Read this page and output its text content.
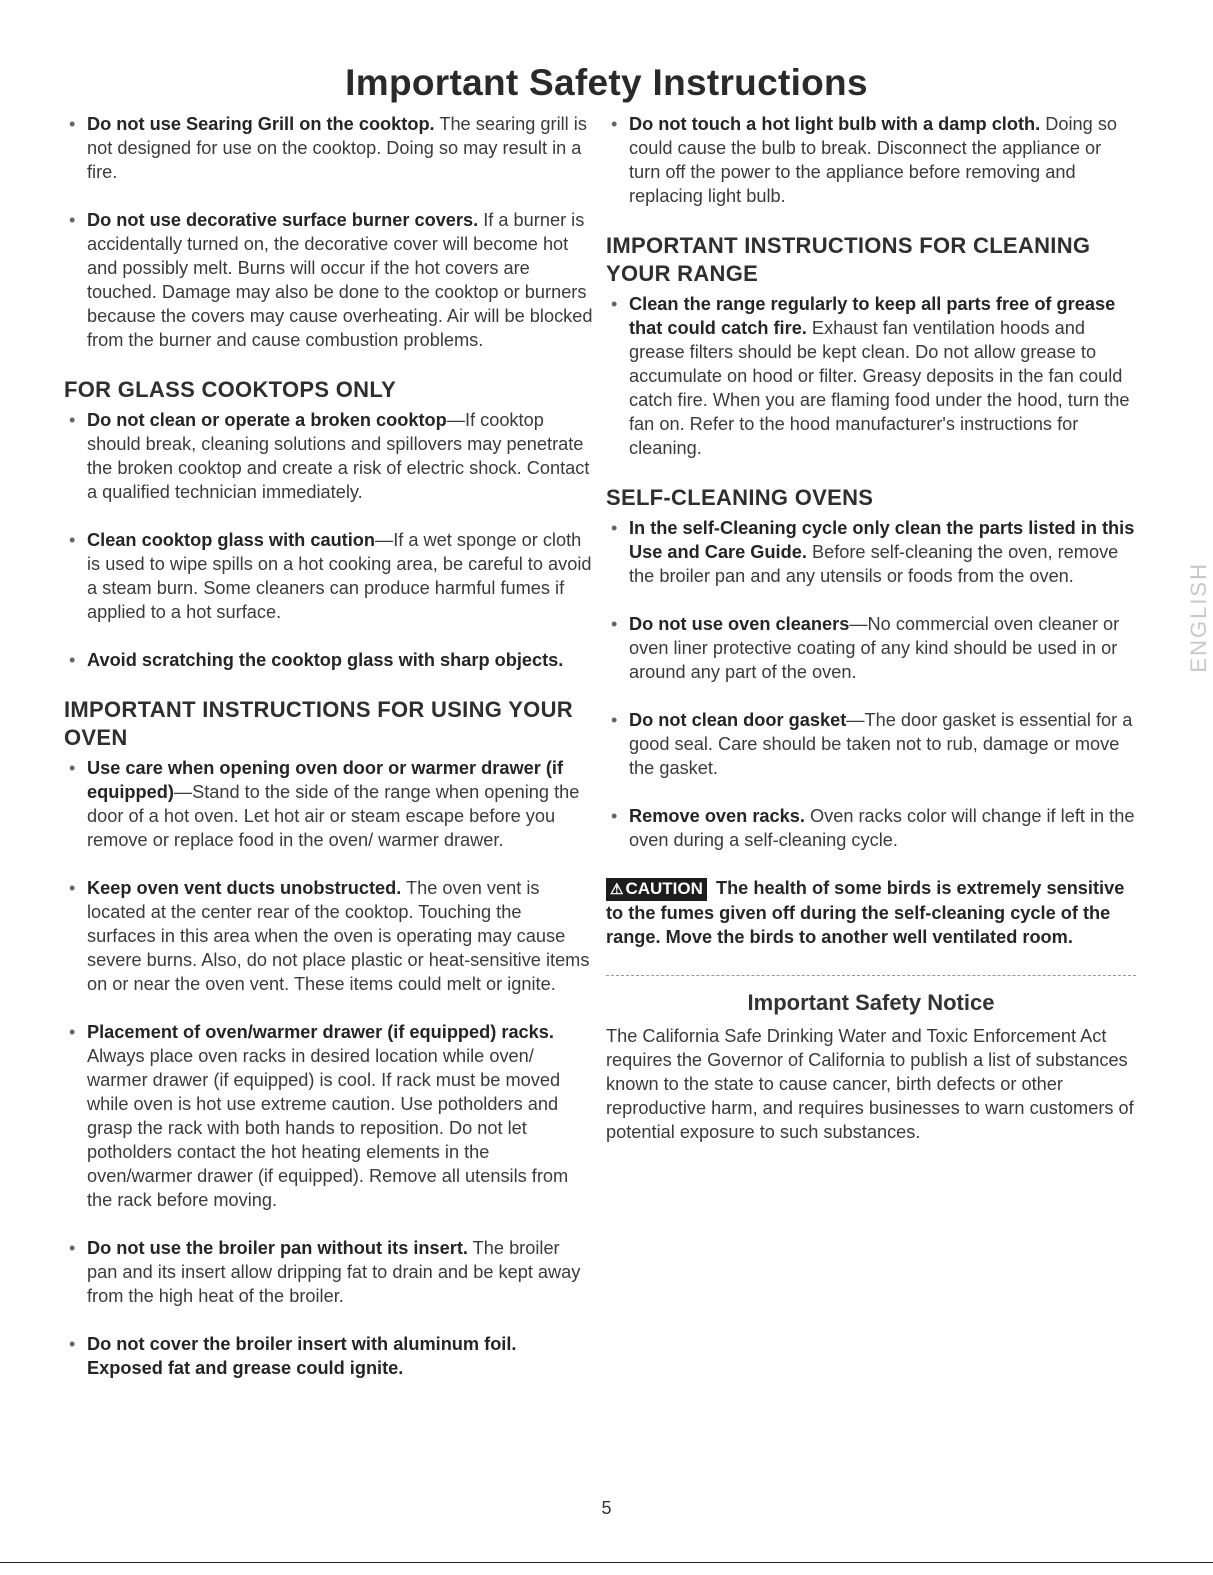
Important Safety Instructions
• Do not use Searing Grill on the cooktop. The searing grill is not designed for use on the cooktop. Doing so may result in a fire.
• Do not use decorative surface burner covers. If a burner is accidentally turned on, the decorative cover will become hot and possibly melt. Burns will occur if the hot covers are touched. Damage may also be done to the cooktop or burners because the covers may cause overheating. Air will be blocked from the burner and cause combustion problems.
FOR GLASS COOKTOPS ONLY
• Do not clean or operate a broken cooktop—If cooktop should break, cleaning solutions and spillovers may penetrate the broken cooktop and create a risk of electric shock. Contact a qualified technician immediately.
• Clean cooktop glass with caution—If a wet sponge or cloth is used to wipe spills on a hot cooking area, be careful to avoid a steam burn. Some cleaners can produce harmful fumes if applied to a hot surface.
• Avoid scratching the cooktop glass with sharp objects.
IMPORTANT INSTRUCTIONS FOR USING YOUR OVEN
• Use care when opening oven door or warmer drawer (if equipped)—Stand to the side of the range when opening the door of a hot oven. Let hot air or steam escape before you remove or replace food in the oven/ warmer drawer.
• Keep oven vent ducts unobstructed. The oven vent is located at the center rear of the cooktop. Touching the surfaces in this area when the oven is operating may cause severe burns. Also, do not place plastic or heat-sensitive items on or near the oven vent. These items could melt or ignite.
• Placement of oven/warmer drawer (if equipped) racks. Always place oven racks in desired location while oven/ warmer drawer (if equipped) is cool. If rack must be moved while oven is hot use extreme caution. Use potholders and grasp the rack with both hands to reposition. Do not let potholders contact the hot heating elements in the oven/warmer drawer (if equipped). Remove all utensils from the rack before moving.
• Do not use the broiler pan without its insert. The broiler pan and its insert allow dripping fat to drain and be kept away from the high heat of the broiler.
• Do not cover the broiler insert with aluminum foil. Exposed fat and grease could ignite.
• Do not touch a hot light bulb with a damp cloth. Doing so could cause the bulb to break. Disconnect the appliance or turn off the power to the appliance before removing and replacing light bulb.
IMPORTANT INSTRUCTIONS FOR CLEANING YOUR RANGE
• Clean the range regularly to keep all parts free of grease that could catch fire. Exhaust fan ventilation hoods and grease filters should be kept clean. Do not allow grease to accumulate on hood or filter. Greasy deposits in the fan could catch fire. When you are flaming food under the hood, turn the fan on. Refer to the hood manufacturer's instructions for cleaning.
SELF-CLEANING OVENS
• In the self-Cleaning cycle only clean the parts listed in this Use and Care Guide. Before self-cleaning the oven, remove the broiler pan and any utensils or foods from the oven.
• Do not use oven cleaners—No commercial oven cleaner or oven liner protective coating of any kind should be used in or around any part of the oven.
• Do not clean door gasket—The door gasket is essential for a good seal. Care should be taken not to rub, damage or move the gasket.
• Remove oven racks. Oven racks color will change if left in the oven during a self-cleaning cycle.
⚠ CAUTION The health of some birds is extremely sensitive to the fumes given off during the self-cleaning cycle of the range. Move the birds to another well ventilated room.
Important Safety Notice
The California Safe Drinking Water and Toxic Enforcement Act requires the Governor of California to publish a list of substances known to the state to cause cancer, birth defects or other reproductive harm, and requires businesses to warn customers of potential exposure to such substances.
ENGLISH
5
